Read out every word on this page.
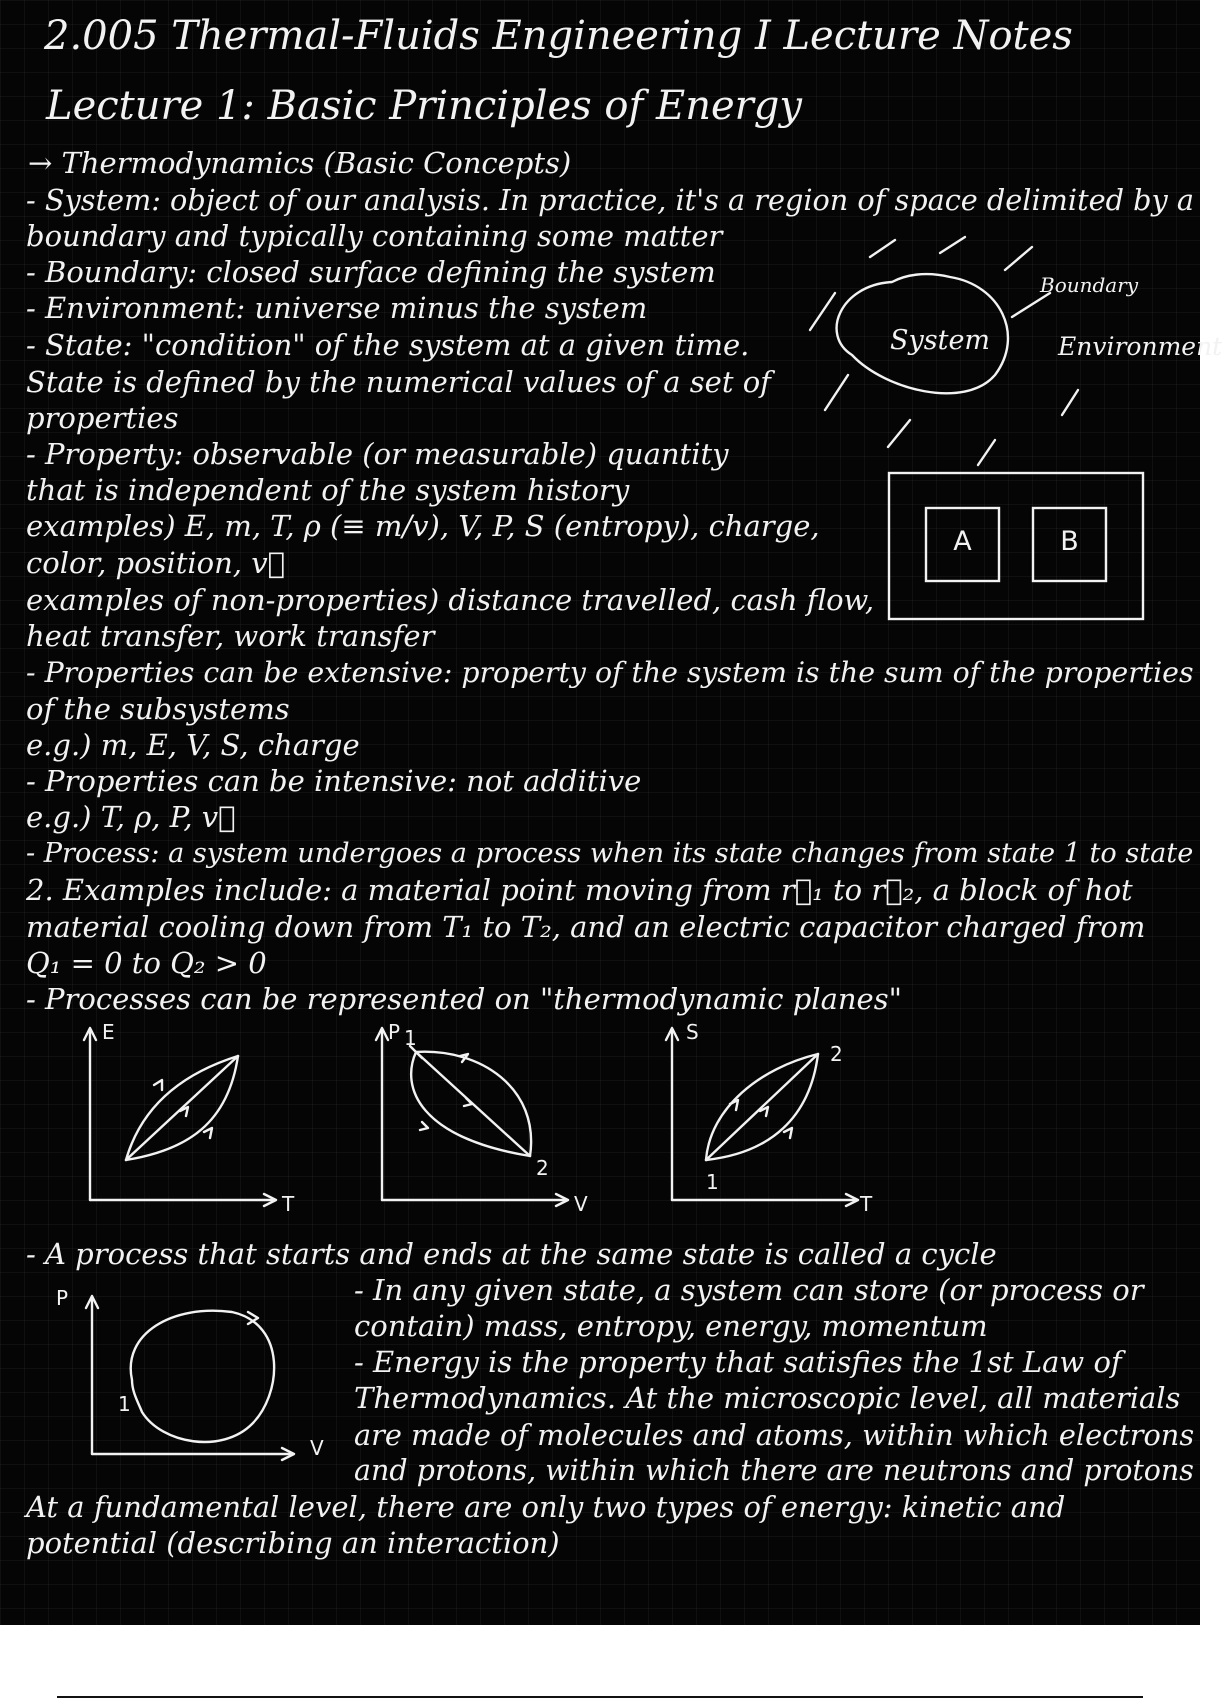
2.005 Thermal-Fluids Engineering I Lecture Notes
Lecture 1: Basic Principles of Energy
→ Thermodynamics (Basic Concepts)
- System: object of our analysis. In practice, it's a region of space delimited by a
boundary and typically containing some matter
- Boundary: closed surface defining the system
- Environment: universe minus the system
- State: "condition" of the system at a given time.
State is defined by the numerical values of a set of
properties
- Property: observable (or measurable) quantity
that is independent of the system history
examples) E, m, T, ρ (≡ m/v), V, P, S (entropy), charge,
color, position, v⃗
examples of non-properties) distance travelled, cash flow,
heat transfer, work transfer
- Properties can be extensive: property of the system is the sum of the properties
of the subsystems
e.g.) m, E, V, S, charge
- Properties can be intensive: not additive
e.g.) T, ρ, P, v⃗
- Process: a system undergoes a process when its state changes from state 1 to state
2. Examples include: a material point moving from r⃗₁ to r⃗₂, a block of hot
material cooling down from T₁ to T₂, and an electric capacitor charged from
Q₁ = 0 to Q₂ > 0
- Processes can be represented on "thermodynamic planes"
- A process that starts and ends at the same state is called a cycle
- In any given state, a system can store (or process or
contain) mass, entropy, energy, momentum
- Energy is the property that satisfies the 1st Law of
Thermodynamics. At the microscopic level, all materials
are made of molecules and atoms, within which electrons
and protons, within which there are neutrons and protons
At a fundamental level, there are only two types of energy: kinetic and
potential (describing an interaction)
System
Boundary
Environment
A	B
E
T
P
V
1
2
S
T
1
2
P
V
1
